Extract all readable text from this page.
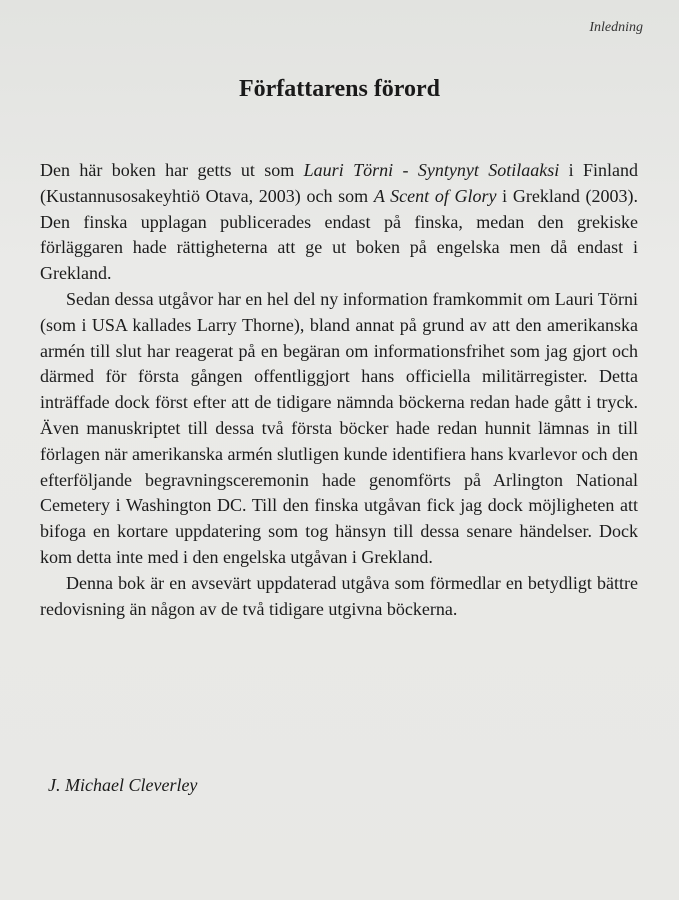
Inledning
Författarens förord

Den här boken har getts ut som Lauri Törni - Syntynyt Sotilaaksi i Finland (Kustannusosakeyhtiö Otava, 2003) och som A Scent of Glory i Grekland (2003). Den finska upplagan publicerades endast på finska, medan den grekiske förläggaren hade rättigheterna att ge ut boken på engelska men då endast i Grekland.

Sedan dessa utgåvor har en hel del ny information framkommit om Lauri Törni (som i USA kallades Larry Thorne), bland annat på grund av att den amerikanska armén till slut har reagerat på en begäran om informationsfrihet som jag gjort och därmed för första gången offentliggjort hans officiella militärregister. Detta inträffade dock först efter att de tidigare nämnda böckerna redan hade gått i tryck. Även manuskriptet till dessa två första böcker hade redan hunnit lämnas in till förlagen när amerikanska armén slutligen kunde identifiera hans kvarlevor och den efterföljande begravningsceremonin hade genomförts på Arlington National Cemetery i Washington DC. Till den finska utgåvan fick jag dock möjligheten att bifoga en kortare uppdatering som tog hänsyn till dessa senare händelser. Dock kom detta inte med i den engelska utgåvan i Grekland.

Denna bok är en avsevärt uppdaterad utgåva som förmedlar en betydligt bättre redovisning än någon av de två tidigare utgivna böckerna.

J. Michael Cleverley
